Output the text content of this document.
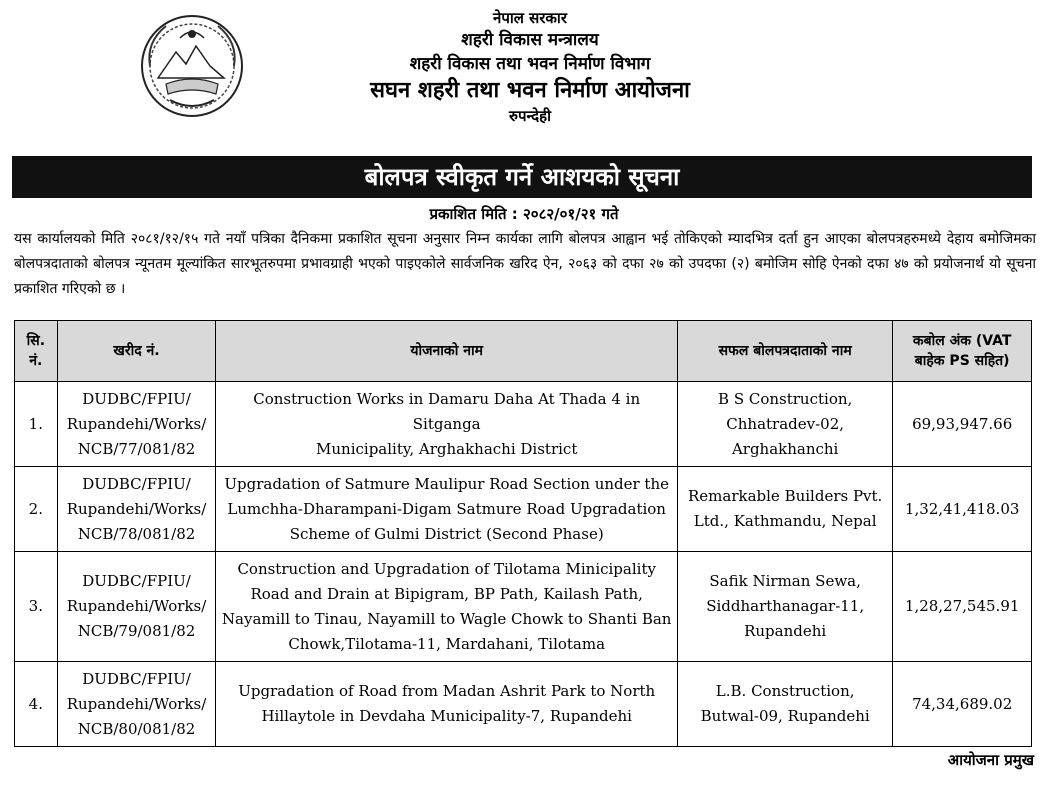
नेपाल सरकार
शहरी विकास मन्त्रालय
शहरी विकास तथा भवन निर्माण विभाग
सघन शहरी तथा भवन निर्माण आयोजना
रुपन्देही
बोलपत्र स्वीकृत गर्ने आशयको सूचना
प्रकाशित मिति : २०८२/०१/२१ गते
यस कार्यालयको मिति २०८१/१२/१५ गते नयाँ पत्रिका दैनिकमा प्रकाशित सूचना अनुसार निम्न कार्यका लागि बोलपत्र आह्वान भई तोकिएको म्यादभित्र दर्ता हुन आएका बोलपत्रहरुमध्ये देहाय बमोजिमका बोलपत्रदाताको बोलपत्र न्यूनतम मूल्यांकित सारभूतरुपमा प्रभावग्राही भएको पाइएकोले सार्वजनिक खरिद ऐन, २०६३ को दफा २७ को उपदफा (२) बमोजिम सोहि ऐनको दफा ४७ को प्रयोजनार्थ यो सूचना प्रकाशित गरिएको छ ।
सि. नं.	खरीद नं.	योजनाको नाम	सफल बोलपत्रदाताको नाम	कबोल अंक (VAT बाहेक PS सहित)
1.	DUDBC/FPIU/
Rupandehi/Works/
NCB/77/081/82	Construction Works in Damaru Daha At Thada 4 in Sitganga
Municipality, Arghakhachi District	B S Construction,
Chhatradev-02,
Arghakhanchi	69,93,947.66
2.	DUDBC/FPIU/
Rupandehi/Works/
NCB/78/081/82	Upgradation of Satmure Maulipur Road Section under the
Lumchha-Dharampani-Digam Satmure Road Upgradation
Scheme of Gulmi District (Second Phase)	Remarkable Builders Pvt.
Ltd., Kathmandu, Nepal	1,32,41,418.03
3.	DUDBC/FPIU/
Rupandehi/Works/
NCB/79/081/82	Construction and Upgradation of Tilotama Minicipality
Road and Drain at Bipigram, BP Path, Kailash Path,
Nayamill to Tinau, Nayamill to Wagle Chowk to Shanti Ban
Chowk,Tilotama-11, Mardahani, Tilotama	Safik Nirman Sewa,
Siddharthanagar-11,
Rupandehi	1,28,27,545.91
4.	DUDBC/FPIU/
Rupandehi/Works/
NCB/80/081/82	Upgradation of Road from Madan Ashrit Park to North
Hillaytole in Devdaha Municipality-7, Rupandehi	L.B. Construction,
Butwal-09, Rupandehi	74,34,689.02
आयोजना प्रमुख
